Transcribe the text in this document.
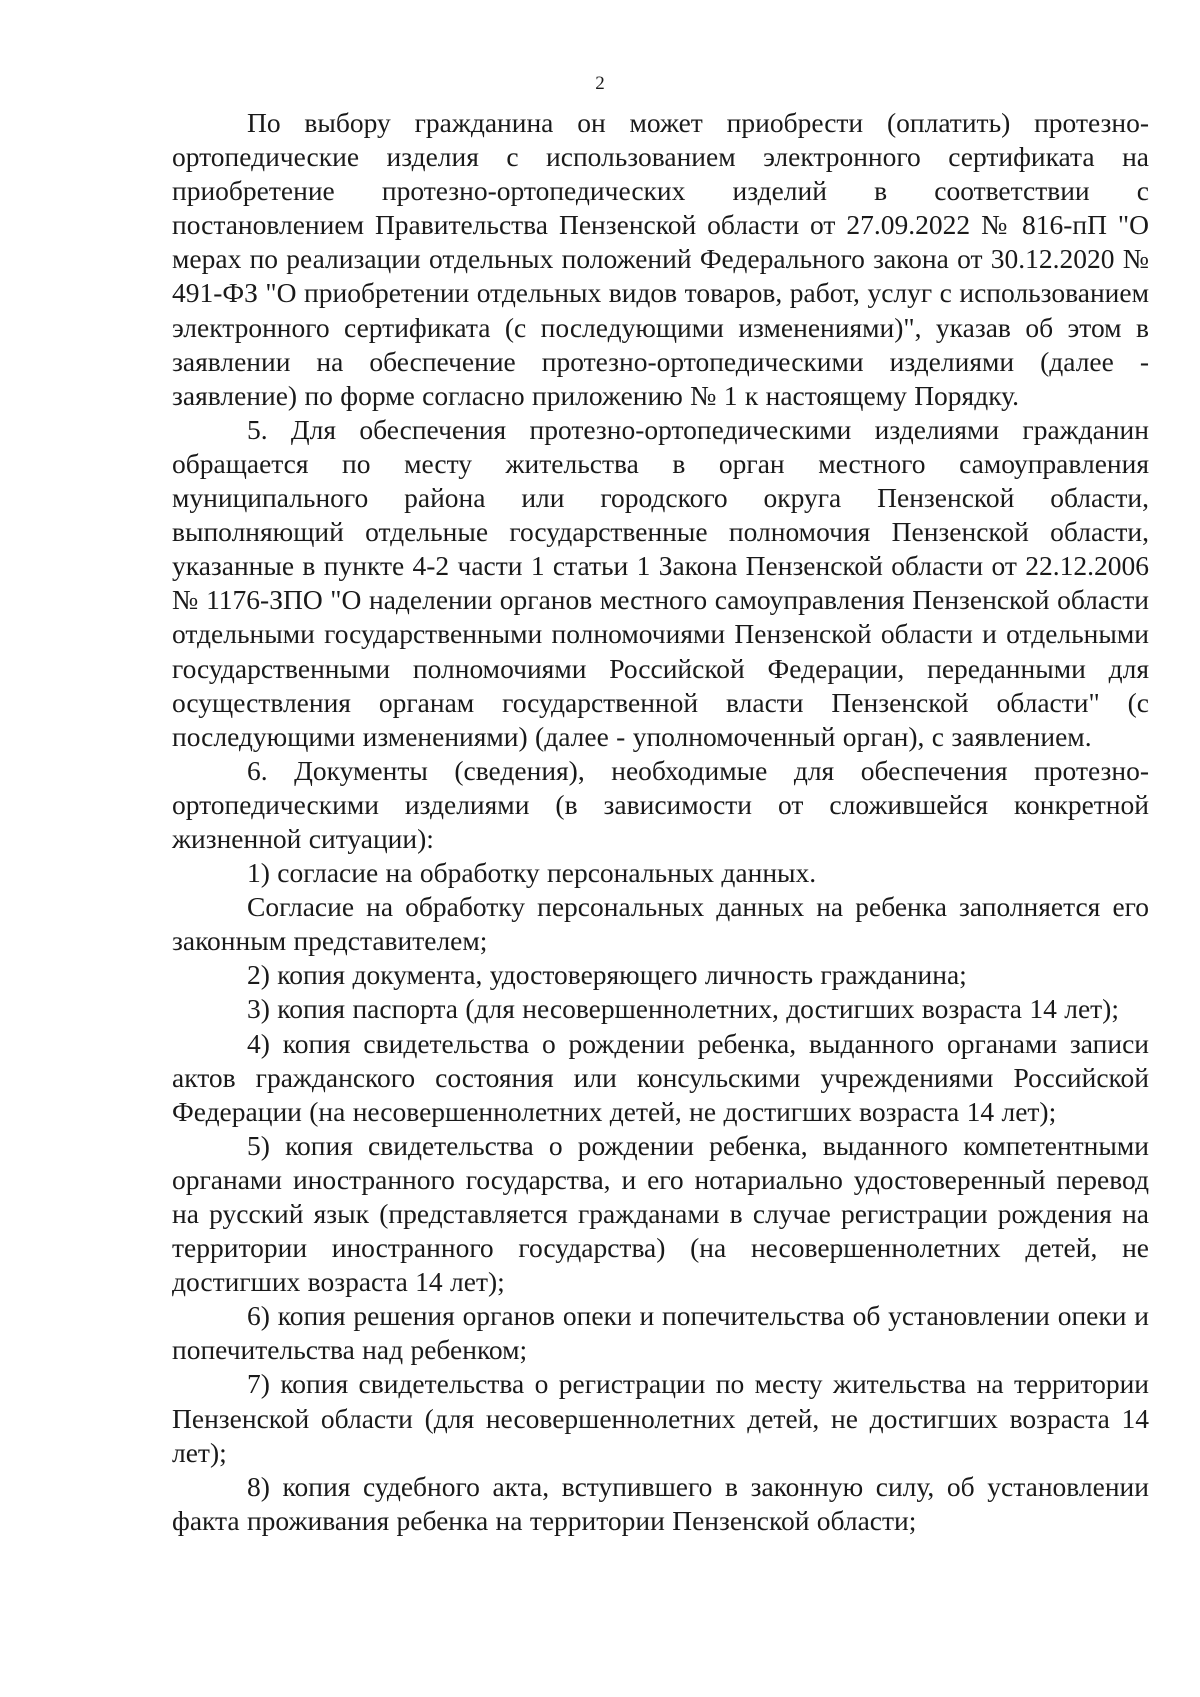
2

По выбору гражданина он может приобрести (оплатить) протезно-ортопедические изделия с использованием электронного сертификата на приобретение протезно-ортопедических изделий в соответствии с постановлением Правительства Пензенской области от 27.09.2022 № 816-пП "О мерах по реализации отдельных положений Федерального закона от 30.12.2020 № 491-ФЗ "О приобретении отдельных видов товаров, работ, услуг с использованием электронного сертификата (с последующими изменениями)", указав об этом в заявлении на обеспечение протезно-ортопедическими изделиями (далее - заявление) по форме согласно приложению № 1 к настоящему Порядку.

5. Для обеспечения протезно-ортопедическими изделиями гражданин обращается по месту жительства в орган местного самоуправления муниципального района или городского округа Пензенской области, выполняющий отдельные государственные полномочия Пензенской области, указанные в пункте 4-2 части 1 статьи 1 Закона Пензенской области от 22.12.2006 № 1176-ЗПО "О наделении органов местного самоуправления Пензенской области отдельными государственными полномочиями Пензенской области и отдельными государственными полномочиями Российской Федерации, переданными для осуществления органам государственной власти Пензенской области" (с последующими изменениями) (далее - уполномоченный орган), с заявлением.

6. Документы (сведения), необходимые для обеспечения протезно-ортопедическими изделиями (в зависимости от сложившейся конкретной жизненной ситуации):

1) согласие на обработку персональных данных.

Согласие на обработку персональных данных на ребенка заполняется его законным представителем;

2) копия документа, удостоверяющего личность гражданина;

3) копия паспорта (для несовершеннолетних, достигших возраста 14 лет);

4) копия свидетельства о рождении ребенка, выданного органами записи актов гражданского состояния или консульскими учреждениями Российской Федерации (на несовершеннолетних детей, не достигших возраста 14 лет);

5) копия свидетельства о рождении ребенка, выданного компетентными органами иностранного государства, и его нотариально удостоверенный перевод на русский язык (представляется гражданами в случае регистрации рождения на территории иностранного государства) (на несовершеннолетних детей, не достигших возраста 14 лет);

6) копия решения органов опеки и попечительства об установлении опеки и попечительства над ребенком;

7) копия свидетельства о регистрации по месту жительства на территории Пензенской области (для несовершеннолетних детей, не достигших возраста 14 лет);

8) копия судебного акта, вступившего в законную силу, об установлении факта проживания ребенка на территории Пензенской области;
